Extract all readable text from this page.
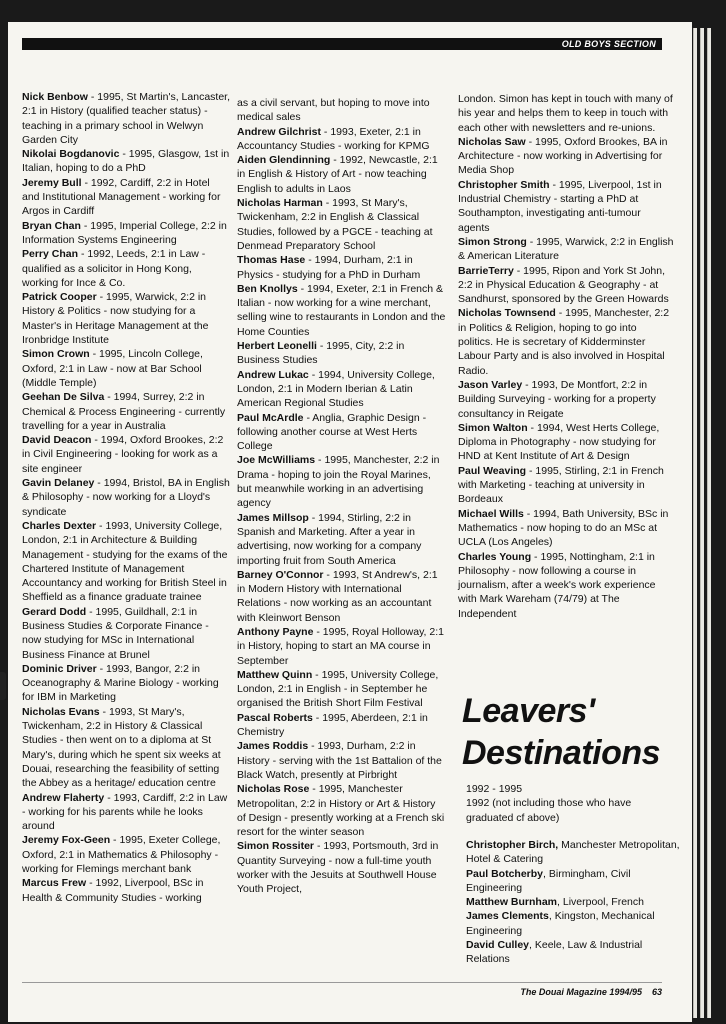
OLD BOYS SECTION

Nick Benbow - 1995, St Martin's, Lancaster, 2:1 in History (qualified teacher status) - teaching in a primary school in Welwyn Garden City

Nikolai Bogdanovic - 1995, Glasgow, 1st in Italian, hoping to do a PhD

Jeremy Bull - 1992, Cardiff, 2:2 in Hotel and Institutional Management - working for Argos in Cardiff

Bryan Chan - 1995, Imperial College, 2:2 in Information Systems Engineering

Perry Chan - 1992, Leeds, 2:1 in Law - qualified as a solicitor in Hong Kong, working for Ince & Co.

Patrick Cooper - 1995, Warwick, 2:2 in History & Politics - now studying for a Master's in Heritage Management at the Ironbridge Institute

Simon Crown - 1995, Lincoln College, Oxford, 2:1 in Law - now at Bar School (Middle Temple)

Geehan De Silva - 1994, Surrey, 2:2 in Chemical & Process Engineering - currently travelling for a year in Australia

David Deacon - 1994, Oxford Brookes, 2:2 in Civil Engineering - looking for work as a site engineer

Gavin Delaney - 1994, Bristol, BA in English & Philosophy - now working for a Lloyd's syndicate

Charles Dexter - 1993, University College, London, 2:1 in Architecture & Building Management - studying for the exams of the Chartered Institute of Management Accountancy and working for British Steel in Sheffield as a finance graduate trainee

Gerard Dodd - 1995, Guildhall, 2:1 in Business Studies & Corporate Finance - now studying for MSc in International Business Finance at Brunel

Dominic Driver - 1993, Bangor, 2:2 in Oceanography & Marine Biology - working for IBM in Marketing

Nicholas Evans - 1993, St Mary's, Twickenham, 2:2 in History & Classical Studies - then went on to a diploma at St Mary's, during which he spent six weeks at Douai, researching the feasibility of setting the Abbey as a heritage/ education centre

Andrew Flaherty - 1993, Cardiff, 2:2 in Law - working for his parents while he looks around

Jeremy Fox-Geen - 1995, Exeter College, Oxford, 2:1 in Mathematics & Philosophy - working for Flemings merchant bank

Marcus Frew - 1992, Liverpool, BSc in Health & Community Studies - working

as a civil servant, but hoping to move into medical sales

Andrew Gilchrist - 1993, Exeter, 2:1 in Accountancy Studies - working for KPMG

Aiden Glendinning - 1992, Newcastle, 2:1 in English & History of Art - now teaching English to adults in Laos

Nicholas Harman - 1993, St Mary's, Twickenham, 2:2 in English & Classical Studies, followed by a PGCE - teaching at Denmead Preparatory School

Thomas Hase - 1994, Durham, 2:1 in Physics - studying for a PhD in Durham

Ben Knollys - 1994, Exeter, 2:1 in French & Italian - now working for a wine merchant, selling wine to restaurants in London and the Home Counties

Herbert Leonelli - 1995, City, 2:2 in Business Studies

Andrew Lukac - 1994, University College, London, 2:1 in Modern Iberian & Latin American Regional Studies

Paul McArdle - Anglia, Graphic Design - following another course at West Herts College

Joe McWilliams - 1995, Manchester, 2:2 in Drama - hoping to join the Royal Marines, but meanwhile working in an advertising agency

James Millsop - 1994, Stirling, 2:2 in Spanish and Marketing. After a year in advertising, now working for a company importing fruit from South America

Barney O'Connor - 1993, St Andrew's, 2:1 in Modern History with International Relations - now working as an accountant with Kleinwort Benson

Anthony Payne - 1995, Royal Holloway, 2:1 in History, hoping to start an MA course in September

Matthew Quinn - 1995, University College, London, 2:1 in English - in September he organised the British Short Film Festival

Pascal Roberts - 1995, Aberdeen, 2:1 in Chemistry

James Roddis - 1993, Durham, 2:2 in History - serving with the 1st Battalion of the Black Watch, presently at Pirbright

Nicholas Rose - 1995, Manchester Metropolitan, 2:2 in History or Art & History of Design - presently working at a French ski resort for the winter season

Simon Rossiter - 1993, Portsmouth, 3rd in Quantity Surveying - now a full-time youth worker with the Jesuits at Southwell House Youth Project,

London. Simon has kept in touch with many of his year and helps them to keep in touch with each other with newsletters and re-unions.

Nicholas Saw - 1995, Oxford Brookes, BA in Architecture - now working in Advertising for Media Shop

Christopher Smith - 1995, Liverpool, 1st in Industrial Chemistry - starting a PhD at Southampton, investigating anti-tumour agents

Simon Strong - 1995, Warwick, 2:2 in English & American Literature

BarrieTerry - 1995, Ripon and York St John, 2:2 in Physical Education & Geography - at Sandhurst, sponsored by the Green Howards

Nicholas Townsend - 1995, Manchester, 2:2 in Politics & Religion, hoping to go into politics. He is secretary of Kidderminster Labour Party and is also involved in Hospital Radio.

Jason Varley - 1993, De Montfort, 2:2 in Building Surveying - working for a property consultancy in Reigate

Simon Walton - 1994, West Herts College, Diploma in Photography - now studying for HND at Kent Institute of Art & Design

Paul Weaving - 1995, Stirling, 2:1 in French with Marketing - teaching at university in Bordeaux

Michael Wills - 1994, Bath University, BSc in Mathematics - now hoping to do an MSc at UCLA (Los Angeles)

Charles Young - 1995, Nottingham, 2:1 in Philosophy - now following a course in journalism, after a week's work experience with Mark Wareham (74/79) at The Independent

Leavers'
Destinations
1992 - 1995
1992 (not including those who have graduated cf above)

Christopher Birch, Manchester Metropolitan, Hotel & Catering

Paul Botcherby, Birmingham, Civil Engineering

Matthew Burnham, Liverpool, French

James Clements, Kingston, Mechanical Engineering

David Culley, Keele, Law & Industrial Relations

The Douai Magazine 1994/95 63
